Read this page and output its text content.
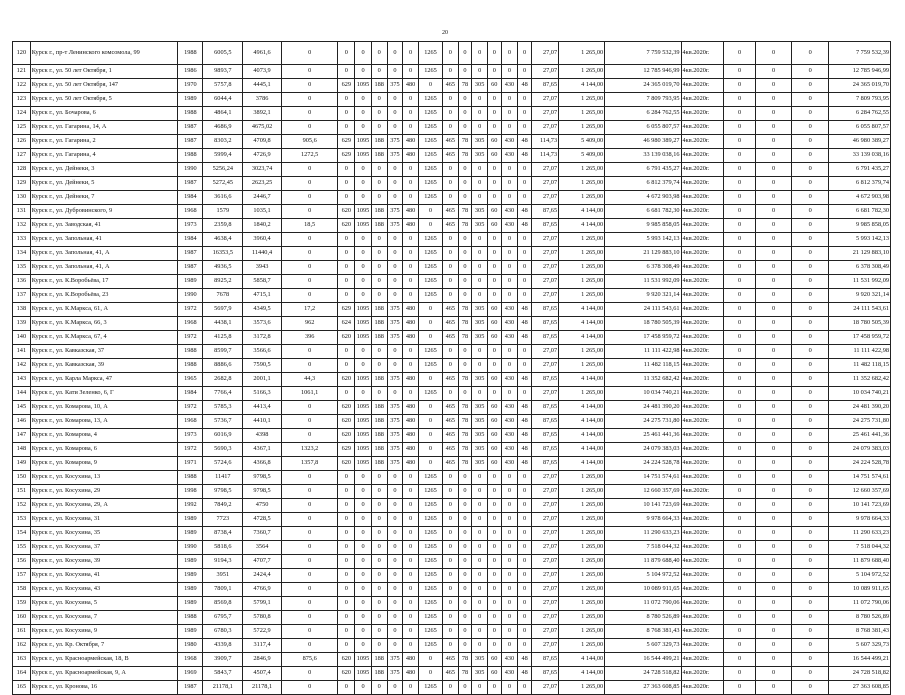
20
120	Курск г., пр-т Ленинского комсомола, 99	1988	6005,5	4961,6	0	0	0	0	0	0	1265	0	0	0	0	0	0	27,07	1 265,00	7 759 532,39	4кв.2020г.	0	0	0	7 759 532,39
121	Курск г., ул. 50 лет Октября, 1	1986	9893,7	4073,9	0	0	0	0	0	0	1265	0	0	0	0	0	0	27,07	1 265,00	12 785 946,99	4кв.2020г.	0	0	0	12 785 946,99
122	Курск г., ул. 50 лет Октября, 147	1970	5757,8	4445,1	0	629	1095	188	375	480	0	465	78	305	60	430	48	87,65	4 144,00	24 365 019,70	4кв.2020г.	0	0	0	24 365 019,70
123	Курск г., ул. 50 лет Октября, 5	1989	6044,4	3786	0	0	0	0	0	0	1265	0	0	0	0	0	0	27,07	1 265,00	7 809 793,95	4кв.2020г.	0	0	0	7 809 793,95
124	Курск г., ул. Бочарова, 6	1988	4864,1	3892,1	0	0	0	0	0	0	1265	0	0	0	0	0	0	27,07	1 265,00	6 284 762,55	4кв.2020г.	0	0	0	6 284 762,55
125	Курск г., ул. Гагарина, 14, А	1987	4686,9	4675,02	0	0	0	0	0	0	1265	0	0	0	0	0	0	27,07	1 265,00	6 055 807,57	4кв.2020г.	0	0	0	6 055 807,57
126	Курск г., ул. Гагарина, 2	1987	8303,2	4709,8	905,6	629	1095	188	375	480	1265	465	78	305	60	430	48	114,73	5 409,00	46 980 389,27	4кв.2020г.	0	0	0	46 980 389,27
127	Курск г., ул. Гагарина, 4	1988	5999,4	4726,9	1272,5	629	1095	188	375	480	1265	465	78	305	60	430	48	114,73	5 409,00	33 139 038,16	4кв.2020г.	0	0	0	33 139 038,16
128	Курск г., ул. Дейнеки, 3	1990	5256,24	3023,74	0	0	0	0	0	0	1265	0	0	0	0	0	0	27,07	1 265,00	6 791 435,27	4кв.2020г.	0	0	0	6 791 435,27
129	Курск г., ул. Дейнеки, 5	1987	5272,45	2623,25	0	0	0	0	0	0	1265	0	0	0	0	0	0	27,07	1 265,00	6 812 379,74	4кв.2020г.	0	0	0	6 812 379,74
130	Курск г., ул. Дейнеки, 7	1984	3616,6	2446,7	0	0	0	0	0	0	1265	0	0	0	0	0	0	27,07	1 265,00	4 672 903,98	4кв.2020г.	0	0	0	4 672 903,98
131	Курск г., ул. Дубровинского, 9	1968	1579	1035,1	0	620	1095	188	375	480	0	465	78	305	60	430	48	87,65	4 144,00	6 681 782,30	4кв.2020г.	0	0	0	6 681 782,30
132	Курск г., ул. Заводская, 41	1973	2359,8	1840,2	18,5	620	1095	188	375	480	0	465	78	305	60	430	48	87,65	4 144,00	9 985 858,05	4кв.2020г.	0	0	0	9 985 858,05
133	Курск г., ул. Запольная, 41	1984	4638,4	3960,4	0	0	0	0	0	0	1265	0	0	0	0	0	0	27,07	1 265,00	5 993 142,13	4кв.2020г.	0	0	0	5 993 142,13
134	Курск г., ул. Запольная, 41, А	1987	16353,5	11440,4	0	0	0	0	0	0	1265	0	0	0	0	0	0	27,07	1 265,00	21 129 883,10	4кв.2020г.	0	0	0	21 129 883,10
135	Курск г., ул. Запольная, 41, А	1987	4936,5	3943	0	0	0	0	0	0	1265	0	0	0	0	0	0	27,07	1 265,00	6 378 308,49	4кв.2020г.	0	0	0	6 378 308,49
136	Курск г., ул. К.Воробьёва, 17	1989	8925,2	5858,7	0	0	0	0	0	0	1265	0	0	0	0	0	0	27,07	1 265,00	11 531 992,09	4кв.2020г.	0	0	0	11 531 992,09
137	Курск г., ул. К.Воробьёва, 23	1990	7678	4715,1	0	0	0	0	0	0	1265	0	0	0	0	0	0	27,07	1 265,00	9 920 321,14	4кв.2020г.	0	0	0	9 920 321,14
138	Курск г., ул. К.Маркса, 61, А	1972	5697,9	4349,5	17,2	629	1095	188	375	480	0	465	78	305	60	430	48	87,65	4 144,00	24 111 543,61	4кв.2020г.	0	0	0	24 111 543,61
139	Курск г., ул. К.Маркса, 66, 3	1968	4438,1	3573,6	962	624	1095	188	375	480	0	465	78	305	60	430	48	87,65	4 144,00	18 780 505,39	4кв.2020г.	0	0	0	18 780 505,39
140	Курск г., ул. К.Маркса, 67, 4	1972	4125,8	3172,8	396	620	1095	188	375	480	0	465	78	305	60	430	48	87,65	4 144,00	17 458 959,72	4кв.2020г.	0	0	0	17 458 959,72
141	Курск г., ул. Кавказская, 37	1988	8599,7	3566,6	0	0	0	0	0	0	1265	0	0	0	0	0	0	27,07	1 265,00	11 111 422,98	4кв.2020г.	0	0	0	11 111 422,98
142	Курск г., ул. Кавказская, 39	1988	8886,6	7590,5	0	0	0	0	0	0	1265	0	0	0	0	0	0	27,07	1 265,00	11 482 118,15	4кв.2020г.	0	0	0	11 482 118,15
143	Курск г., ул. Карла Маркса, 47	1965	2682,8	2001,1	44,3	620	1095	188	375	480	0	465	78	305	60	430	48	87,65	4 144,00	11 352 682,42	4кв.2020г.	0	0	0	11 352 682,42
144	Курск г., ул. Кати Зеленко, 6, Г	1984	7766,4	5166,3	1061,1	0	0	0	0	0	1265	0	0	0	0	0	0	27,07	1 265,00	10 034 740,21	4кв.2020г.	0	0	0	10 034 740,21
145	Курск г., ул. Комарова, 10, А	1972	5785,3	4413,4	0	620	1095	188	375	480	0	465	78	305	60	430	48	87,65	4 144,00	24 481 390,20	4кв.2020г.	0	0	0	24 481 390,20
146	Курск г., ул. Комарова, 13, А	1968	5736,7	4410,1	0	620	1095	188	375	480	0	465	78	305	60	430	48	87,65	4 144,00	24 275 731,80	4кв.2020г.	0	0	0	24 275 731,80
147	Курск г., ул. Комарова, 4	1973	6016,9	4398	0	620	1095	188	375	480	0	465	78	305	60	430	48	87,65	4 144,00	25 461 441,36	4кв.2020г.	0	0	0	25 461 441,36
148	Курск г., ул. Комарова, 6	1972	5690,3	4367,1	1323,2	629	1095	188	375	480	0	465	78	305	60	430	48	87,65	4 144,00	24 079 383,03	4кв.2020г.	0	0	0	24 079 383,03
149	Курск г., ул. Комарова, 9	1971	5724,6	4366,8	1357,8	620	1095	188	375	480	0	465	78	305	60	430	48	87,65	4 144,00	24 224 528,78	4кв.2020г.	0	0	0	24 224 528,78
150	Курск г., ул. Косухина, 13	1988	11417	9798,5	0	0	0	0	0	0	1265	0	0	0	0	0	0	27,07	1 265,00	14 751 574,61	4кв.2020г.	0	0	0	14 751 574,61
151	Курск г., ул. Косухина, 29	1998	9798,5	9798,5	0	0	0	0	0	0	1265	0	0	0	0	0	0	27,07	1 265,00	12 660 357,69	4кв.2020г.	0	0	0	12 660 357,69
152	Курск г., ул. Косухина, 29, А	1992	7849,2	4750	0	0	0	0	0	0	1265	0	0	0	0	0	0	27,07	1 265,00	10 141 723,69	4кв.2020г.	0	0	0	10 141 723,69
153	Курск г., ул. Косухина, 31	1989	7723	4728,5	0	0	0	0	0	0	1265	0	0	0	0	0	0	27,07	1 265,00	9 978 664,33	4кв.2020г.	0	0	0	9 978 664,33
154	Курск г., ул. Косухина, 35	1989	8738,4	7360,7	0	0	0	0	0	0	1265	0	0	0	0	0	0	27,07	1 265,00	11 290 633,23	4кв.2020г.	0	0	0	11 290 633,23
155	Курск г., ул. Косухина, 37	1990	5818,6	3564	0	0	0	0	0	0	1265	0	0	0	0	0	0	27,07	1 265,00	7 518 044,32	4кв.2020г.	0	0	0	7 518 044,32
156	Курск г., ул. Косухина, 39	1989	9194,3	4707,7	0	0	0	0	0	0	1265	0	0	0	0	0	0	27,07	1 265,00	11 879 688,40	4кв.2020г.	0	0	0	11 879 688,40
157	Курск г., ул. Косухина, 41	1989	3951	2424,4	0	0	0	0	0	0	1265	0	0	0	0	0	0	27,07	1 265,00	5 104 972,52	4кв.2020г.	0	0	0	5 104 972,52
158	Курск г., ул. Косухина, 43	1989	7809,1	4766,9	0	0	0	0	0	0	1265	0	0	0	0	0	0	27,07	1 265,00	10 089 911,65	4кв.2020г.	0	0	0	10 089 911,65
159	Курск г., ул. Косухина, 5	1989	8569,8	5799,1	0	0	0	0	0	0	1265	0	0	0	0	0	0	27,07	1 265,00	11 072 790,06	4кв.2020г.	0	0	0	11 072 790,06
160	Курск г., ул. Косухина, 7	1988	6795,7	5780,8	0	0	0	0	0	0	1265	0	0	0	0	0	0	27,07	1 265,00	8 780 526,89	4кв.2020г.	0	0	0	8 780 526,89
161	Курск г., ул. Косухина, 9	1989	6780,3	5722,9	0	0	0	0	0	0	1265	0	0	0	0	0	0	27,07	1 265,00	8 768 381,43	4кв.2020г.	0	0	0	8 768 381,43
162	Курск г., ул. Кр. Октября, 7	1980	4339,8	3117,4	0	0	0	0	0	0	1265	0	0	0	0	0	0	27,07	1 265,00	5 607 329,73	4кв.2020г.	0	0	0	5 607 329,73
163	Курск г., ул. Красноармейская, 18, В	1968	3909,7	2846,9	875,6	620	1095	188	375	480	0	465	78	305	60	430	48	87,65	4 144,00	16 544 499,21	4кв.2020г.	0	0	0	16 544 499,21
164	Курск г., ул. Красноармейская, 9, А	1969	5843,7	4507,4	0	620	1095	188	375	480	0	465	78	305	60	430	48	87,65	4 144,00	24 728 518,82	4кв.2020г.	0	0	0	24 728 518,82
165	Курск г., ул. Кронова, 16	1987	21178,1	21178,1	0	0	0	0	0	0	1265	0	0	0	0	0	0	27,07	1 265,00	27 363 608,85	4кв.2020г.	0	0	0	27 363 608,85
